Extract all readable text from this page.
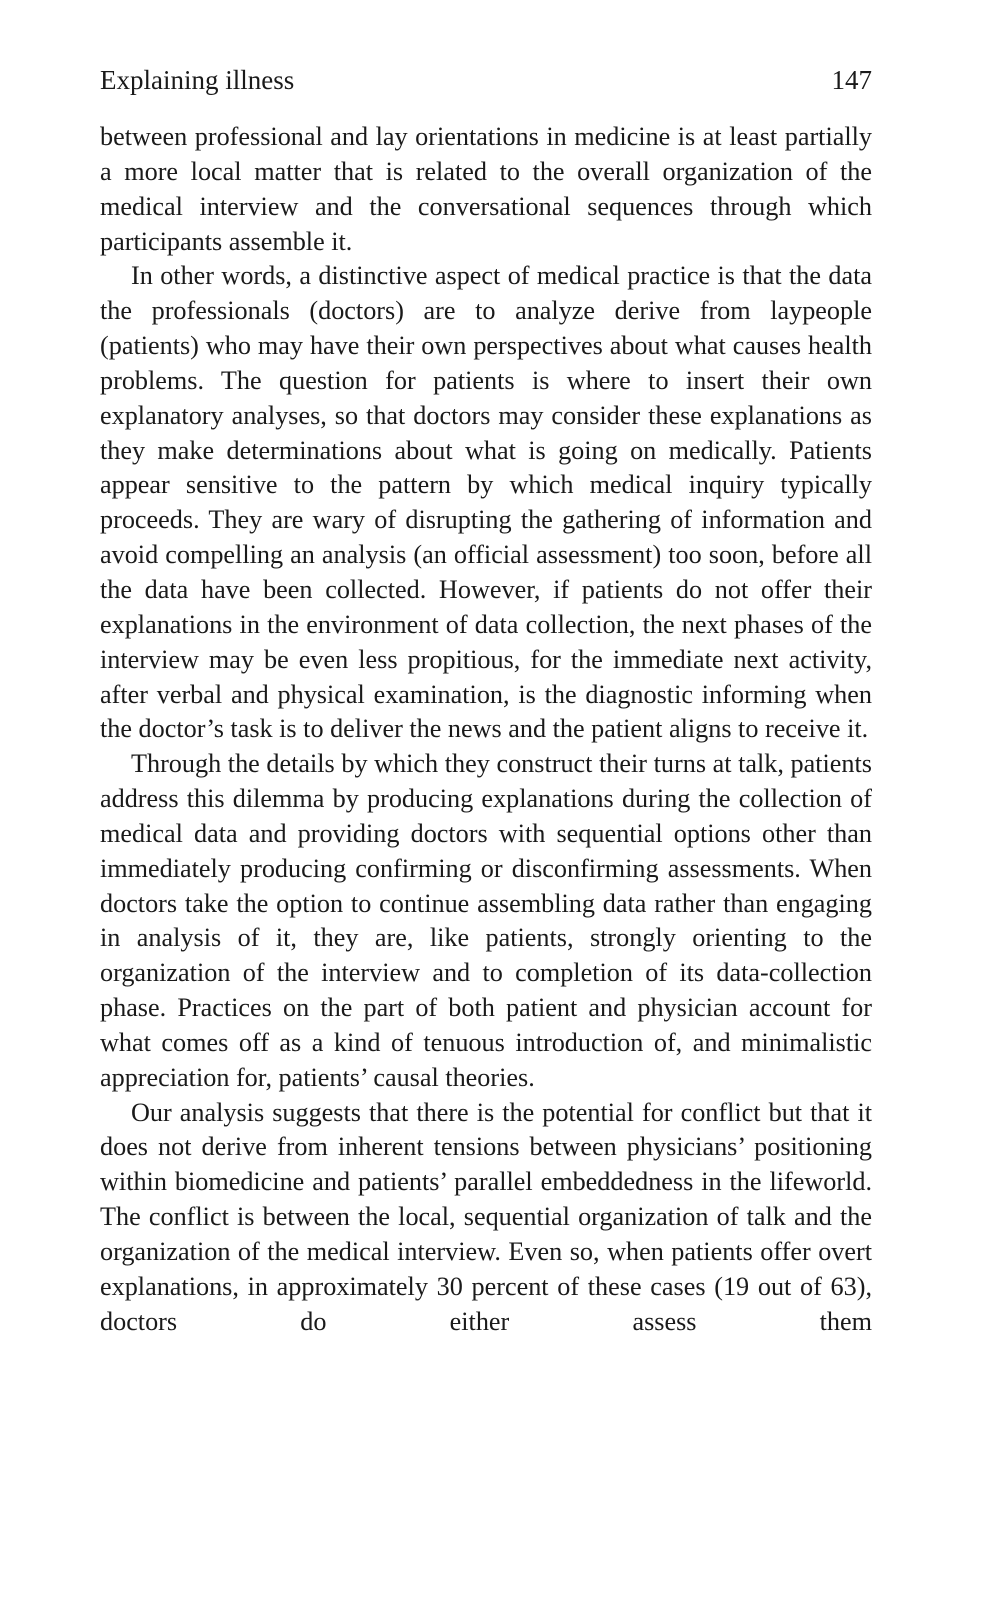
Explaining illness	147

between professional and lay orientations in medicine is at least partially a more local matter that is related to the overall organization of the medical interview and the conversational sequences through which participants assemble it.

In other words, a distinctive aspect of medical practice is that the data the professionals (doctors) are to analyze derive from laypeople (patients) who may have their own perspectives about what causes health problems. The question for patients is where to insert their own explanatory analyses, so that doctors may consider these explanations as they make determinations about what is going on medically. Patients appear sensitive to the pattern by which medical inquiry typically proceeds. They are wary of disrupting the gathering of information and avoid compelling an analysis (an official assessment) too soon, before all the data have been collected. However, if patients do not offer their explanations in the environment of data collection, the next phases of the interview may be even less propitious, for the immediate next activity, after verbal and physical examination, is the diagnostic informing when the doctor’s task is to deliver the news and the patient aligns to receive it.

Through the details by which they construct their turns at talk, patients address this dilemma by producing explanations during the collection of medical data and providing doctors with sequential options other than immediately producing confirming or disconfirming assessments. When doctors take the option to continue assembling data rather than engaging in analysis of it, they are, like patients, strongly orienting to the organization of the interview and to completion of its data-collection phase. Practices on the part of both patient and physician account for what comes off as a kind of tenuous introduction of, and minimalistic appreciation for, patients’ causal theories.

Our analysis suggests that there is the potential for conflict but that it does not derive from inherent tensions between physicians’ positioning within biomedicine and patients’ parallel embeddedness in the lifeworld. The conflict is between the local, sequential organization of talk and the organization of the medical interview. Even so, when patients offer overt explanations, in approximately 30 percent of these cases (19 out of 63), doctors do either assess them
